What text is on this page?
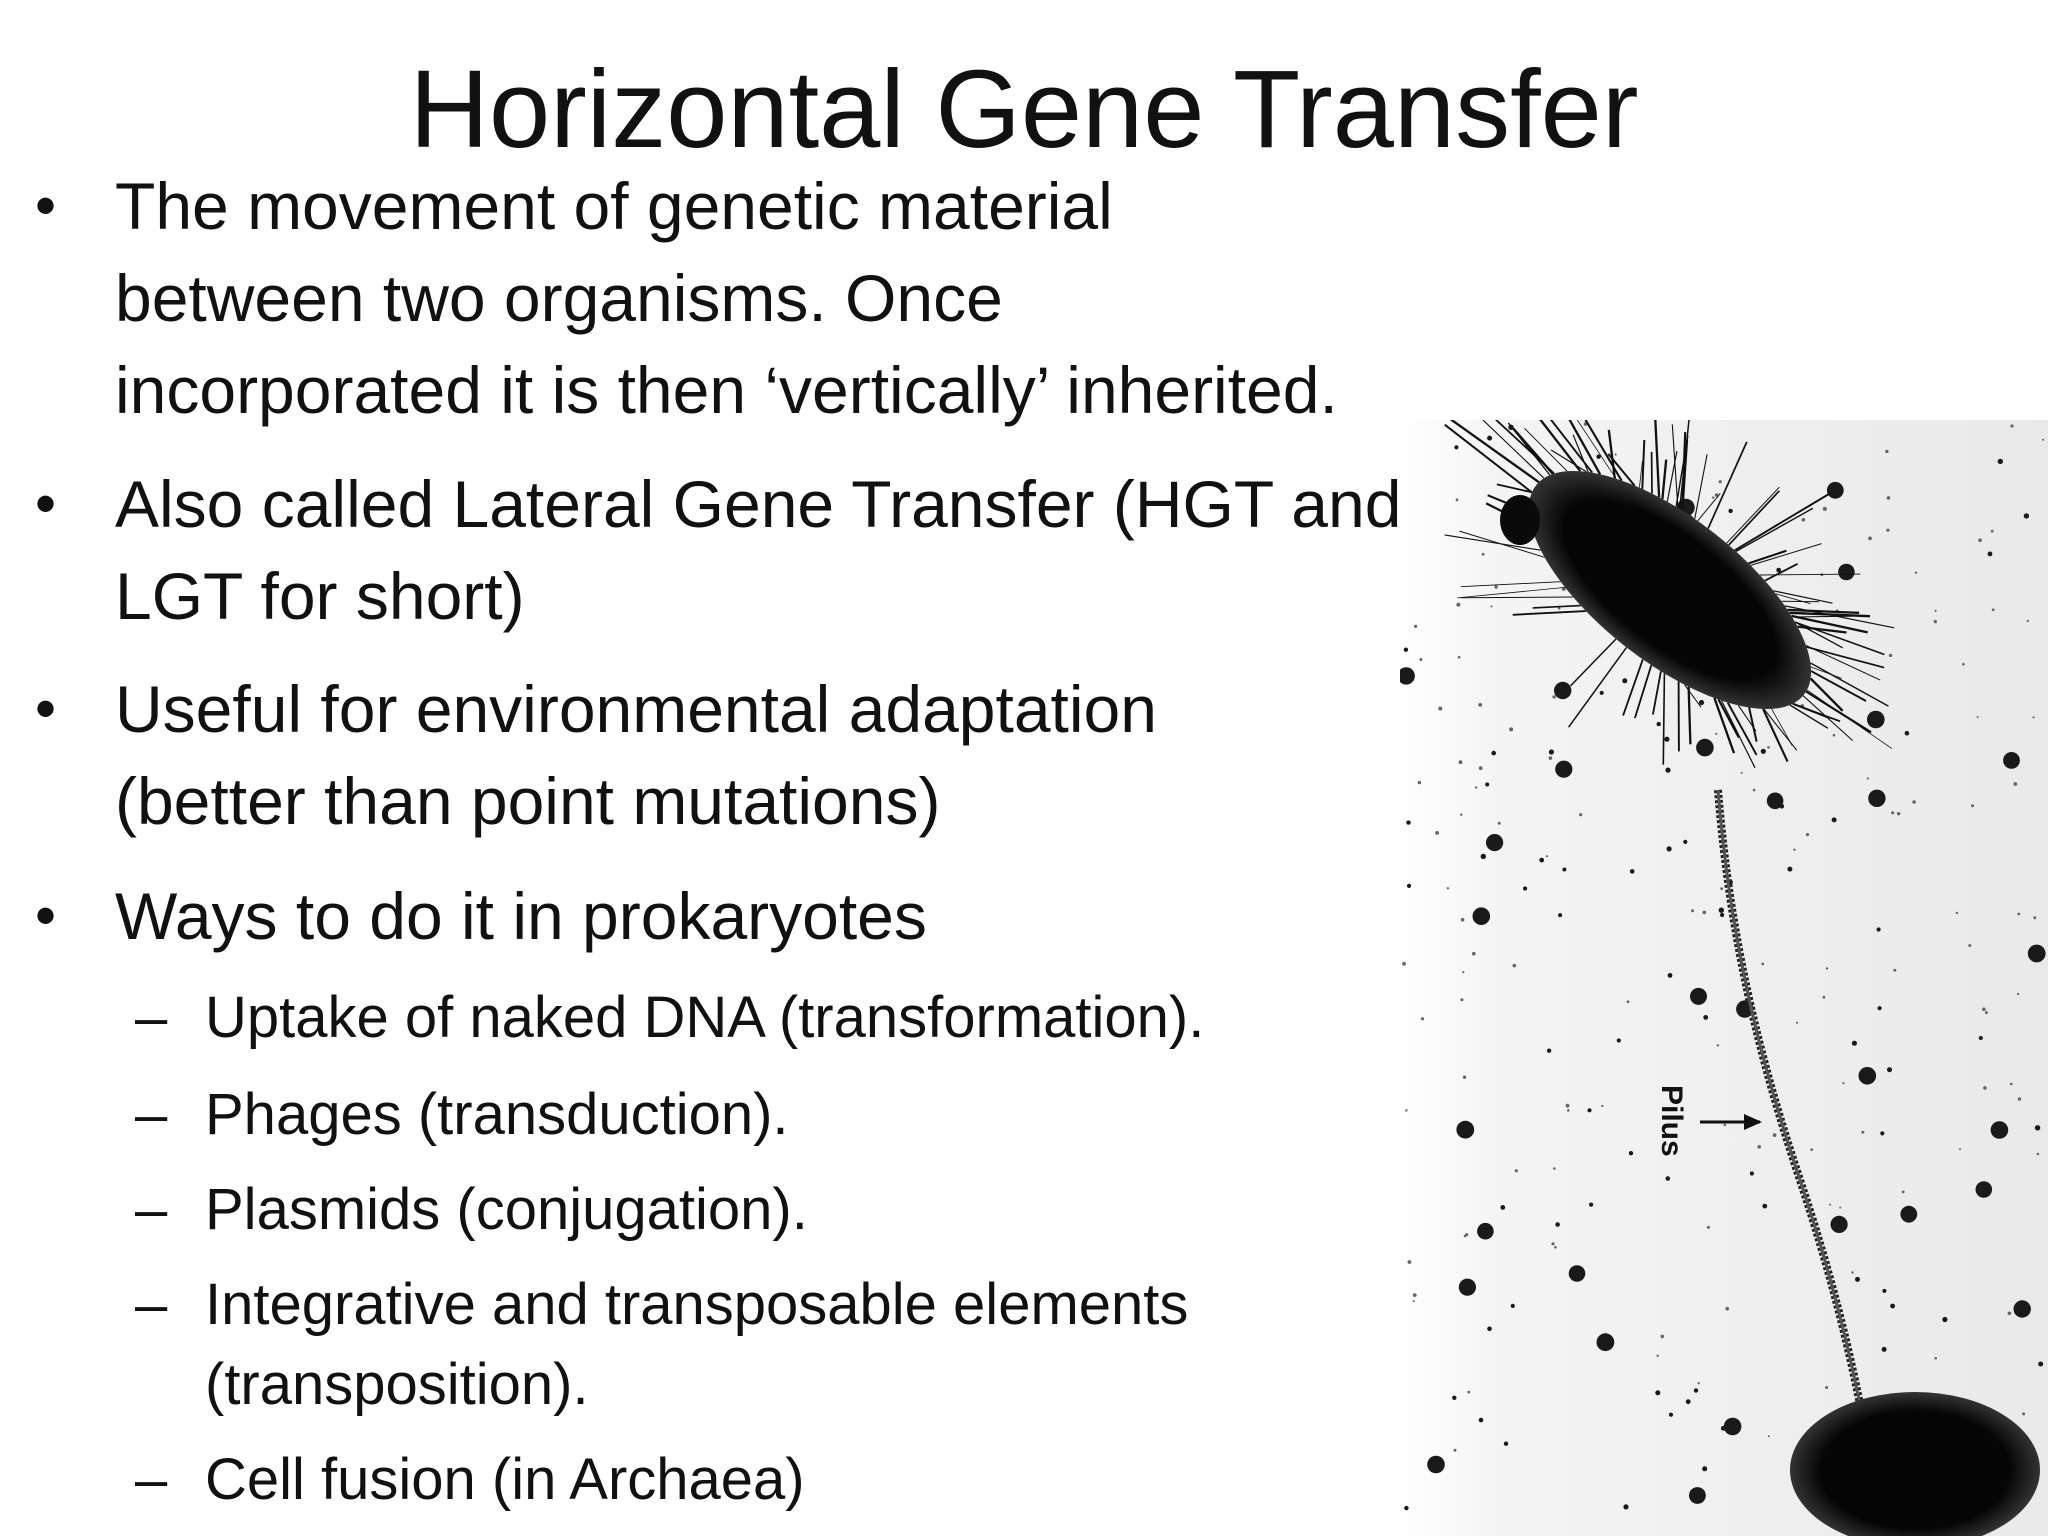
Horizontal Gene Transfer
Pilus
• The movement of genetic material
between two organisms. Once
incorporated it is then ‘vertically’ inherited.
• Also called Lateral Gene Transfer (HGT and
LGT for short)
• Useful for environmental adaptation
(better than point mutations)
• Ways to do it in prokaryotes
– Uptake of naked DNA (transformation).
– Phages (transduction).
– Plasmids (conjugation).
– Integrative and transposable elements
(transposition).
– Cell fusion (in Archaea)
